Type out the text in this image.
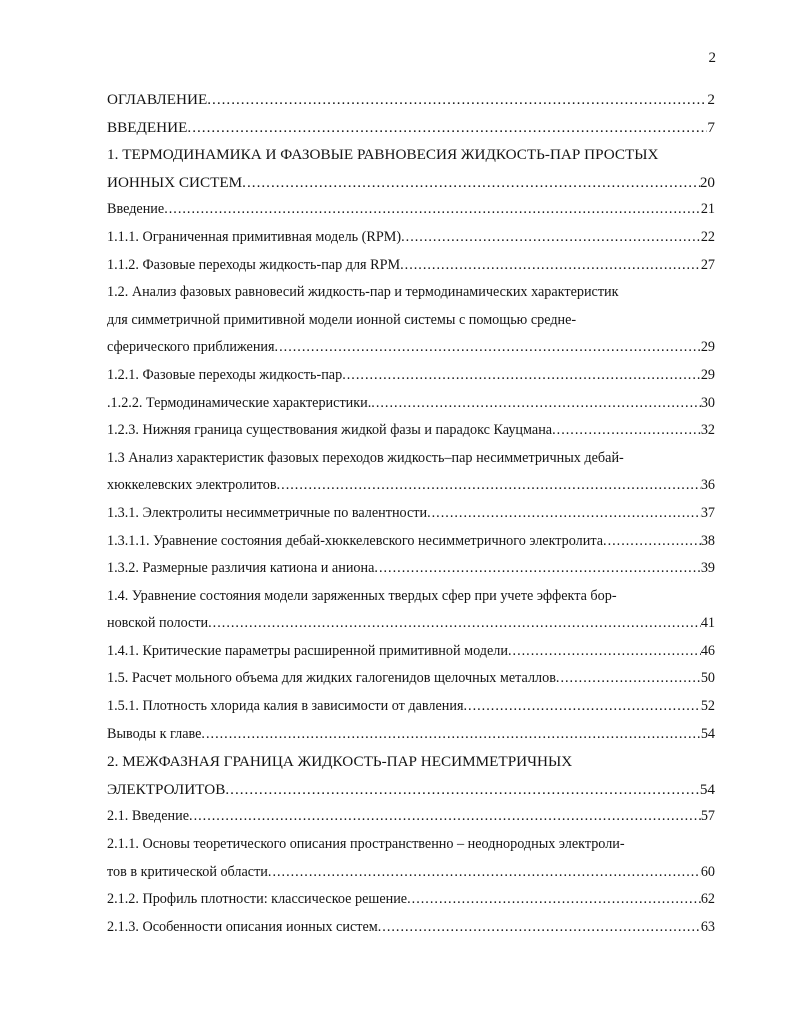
2
ОГЛАВЛЕНИЕ .....	2
ВВЕДЕНИЕ .....	7
1. ТЕРМОДИНАМИКА И ФАЗОВЫЕ РАВНОВЕСИЯ ЖИДКОСТЬ-ПАР ПРОСТЫХ
ИОННЫХ СИСТЕМ .....	20
Введение .....	21
1.1.1. Ограниченная примитивная модель (RPM) .....	22
1.1.2. Фазовые переходы жидкость-пар для RPM .....	27
1.2. Анализ фазовых равновесий жидкость-пар и термодинамических характеристик
для симметричной примитивной модели ионной системы с помощью средне-
сферического приближения .....	29
1.2.1. Фазовые переходы жидкость-пар .....	29
.1.2.2. Термодинамические характеристики. .....	30
1.2.3. Нижняя граница существования жидкой фазы и парадокс Кауцмана .....	32
1.3 Анализ характеристик фазовых переходов жидкость–пар несимметричных дебай-
хюккелевских электролитов .....	36
1.3.1. Электролиты несимметричные по валентности .....	37
1.3.1.1. Уравнение состояния дебай-хюккелевского несимметричного электролита .....	38
1.3.2. Размерные различия катиона и аниона .....	39
1.4. Уравнение состояния модели заряженных твердых сфер при учете эффекта бор-
новской полости .....	41
1.4.1. Критические параметры расширенной примитивной модели .....	46
1.5. Расчет мольного объема для жидких галогенидов щелочных металлов .....	50
1.5.1. Плотность хлорида калия в зависимости от давления .....	52
Выводы к главе .....	54
2. МЕЖФАЗНАЯ ГРАНИЦА ЖИДКОСТЬ-ПАР НЕСИММЕТРИЧНЫХ
ЭЛЕКТРОЛИТОВ .....	54
2.1. Введение .....	57
2.1.1. Основы теоретического описания пространственно – неоднородных электроли-
тов в критической области .....	60
2.1.2. Профиль плотности: классическое решение .....	62
2.1.3. Особенности описания ионных систем .....	63
